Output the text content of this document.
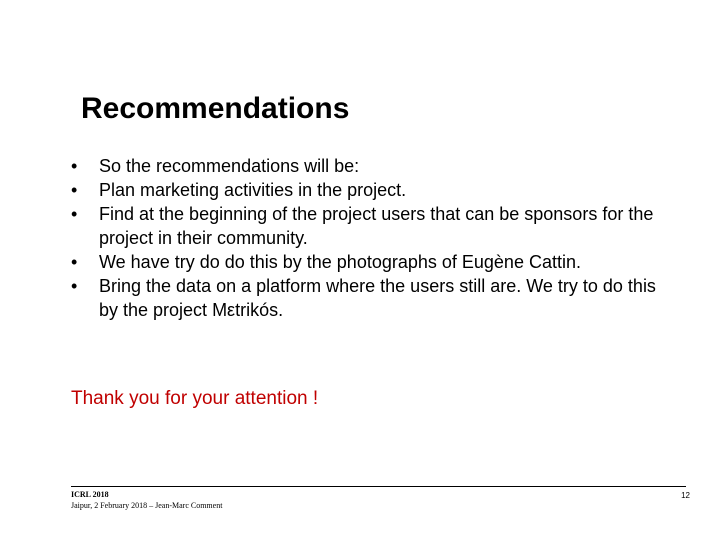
Recommendations
•	So the recommendations will be:
•	Plan marketing activities in the project.
•	Find at the beginning of the project users that can be sponsors for the project in their community.
•	We have try do do this by the photographs of Eugène Cattin.
•	Bring the data on a platform where the users still are. We try to do this by the project Mεtrikós.
Thank you for your attention !
ICRL 2018
Jaipur, 2 February 2018 – Jean-Marc Comment
12
